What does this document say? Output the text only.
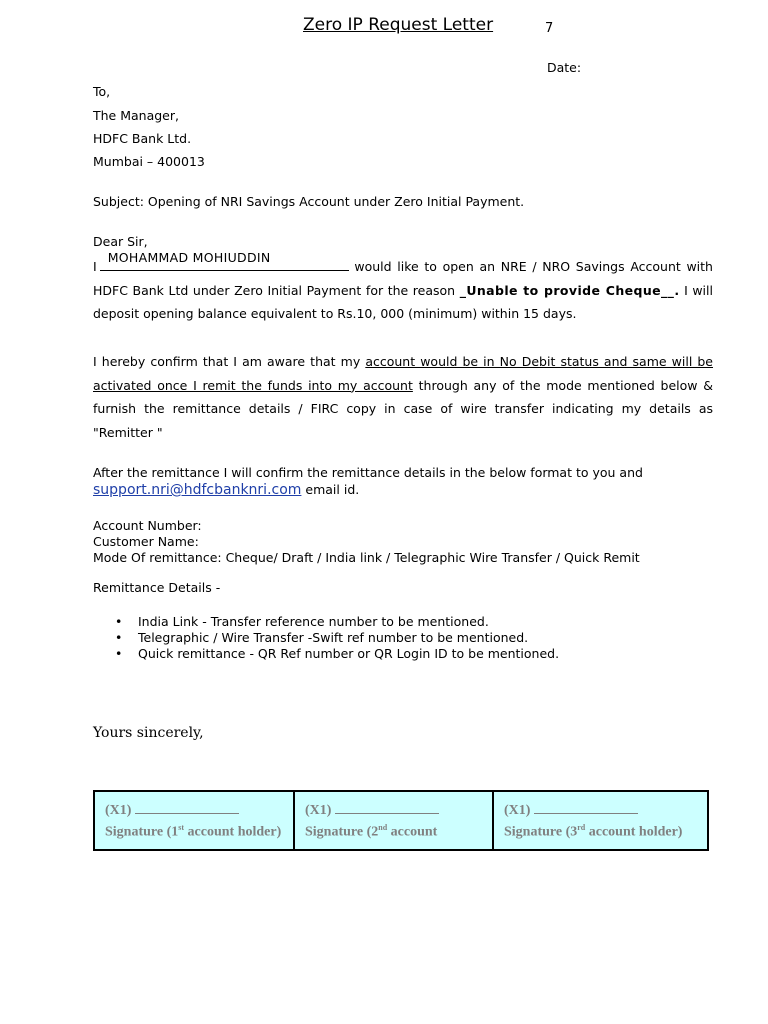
Zero IP Request Letter	7
Date:
To,
The Manager,
HDFC Bank Ltd.
Mumbai – 400013
Subject: Opening of NRI Savings Account under Zero Initial Payment.
Dear Sir,
I
MOHAMMAD MOHIUDDIN
would like to open an NRE / NRO Savings Account with
HDFC Bank Ltd under Zero Initial Payment for the reason _Unable to provide Cheque__. I will
deposit opening balance equivalent to Rs.10, 000 (minimum) within 15 days.
I hereby confirm that I am aware that my account would be in No Debit status and same will be
activated once I remit the funds into my account through any of the mode mentioned below &
furnish the remittance details / FIRC copy in case of wire transfer indicating my details as
"Remitter "
After the remittance I will confirm the remittance details in the below format to you and
support.nri@hdfcbanknri.com email id.
Account Number:
Customer Name:
Mode Of remittance: Cheque/ Draft / India link / Telegraphic Wire Transfer / Quick Remit
Remittance Details -
• India Link - Transfer reference number to be mentioned.
• Telegraphic / Wire Transfer -Swift ref number to be mentioned.
• Quick remittance - QR Ref number or QR Login ID to be mentioned.
Yours sincerely,
(X1)
Signature (1st account holder)

(X1)
Signature (2nd account

(X1)
Signature (3rd account holder)
